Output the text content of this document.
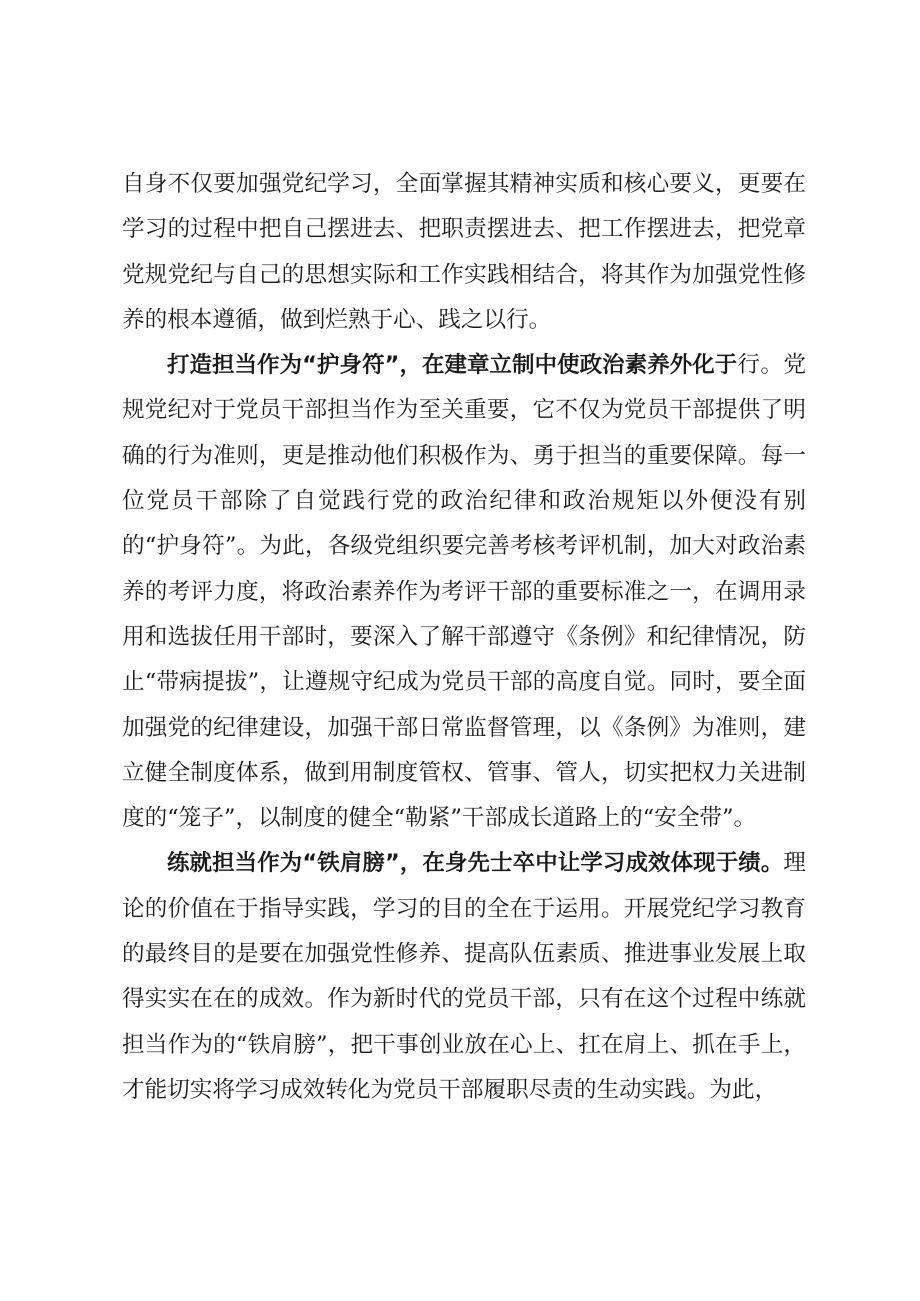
自身不仅要加强党纪学习，全面掌握其精神实质和核心要义，更要在学习的过程中把自己摆进去、把职责摆进去、把工作摆进去，把党章党规党纪与自己的思想实际和工作实践相结合，将其作为加强党性修养的根本遵循，做到烂熟于心、践之以行。

打造担当作为“护身符”，在建章立制中使政治素养外化于行。党规党纪对于党员干部担当作为至关重要，它不仅为党员干部提供了明确的行为准则，更是推动他们积极作为、勇于担当的重要保障。每一位党员干部除了自觉践行党的政治纪律和政治规矩以外便没有别的“护身符”。为此，各级党组织要完善考核考评机制，加大对政治素养的考评力度，将政治素养作为考评干部的重要标准之一，在调用录用和选拔任用干部时，要深入了解干部遵守《条例》和纪律情况，防止“带病提拔”，让遵规守纪成为党员干部的高度自觉。同时，要全面加强党的纪律建设，加强干部日常监督管理，以《条例》为准则，建立健全制度体系，做到用制度管权、管事、管人，切实把权力关进制度的“笼子”，以制度的健全“勒紧”干部成长道路上的“安全带”。

练就担当作为“铁肩膀”，在身先士卒中让学习成效体现于绩。理论的价值在于指导实践，学习的目的全在于运用。开展党纪学习教育的最终目的是要在加强党性修养、提高队伍素质、推进事业发展上取得实实在在的成效。作为新时代的党员干部，只有在这个过程中练就担当作为的“铁肩膀”，把干事创业放在心上、扛在肩上、抓在手上，才能切实将学习成效转化为党员干部履职尽责的生动实践。为此，
